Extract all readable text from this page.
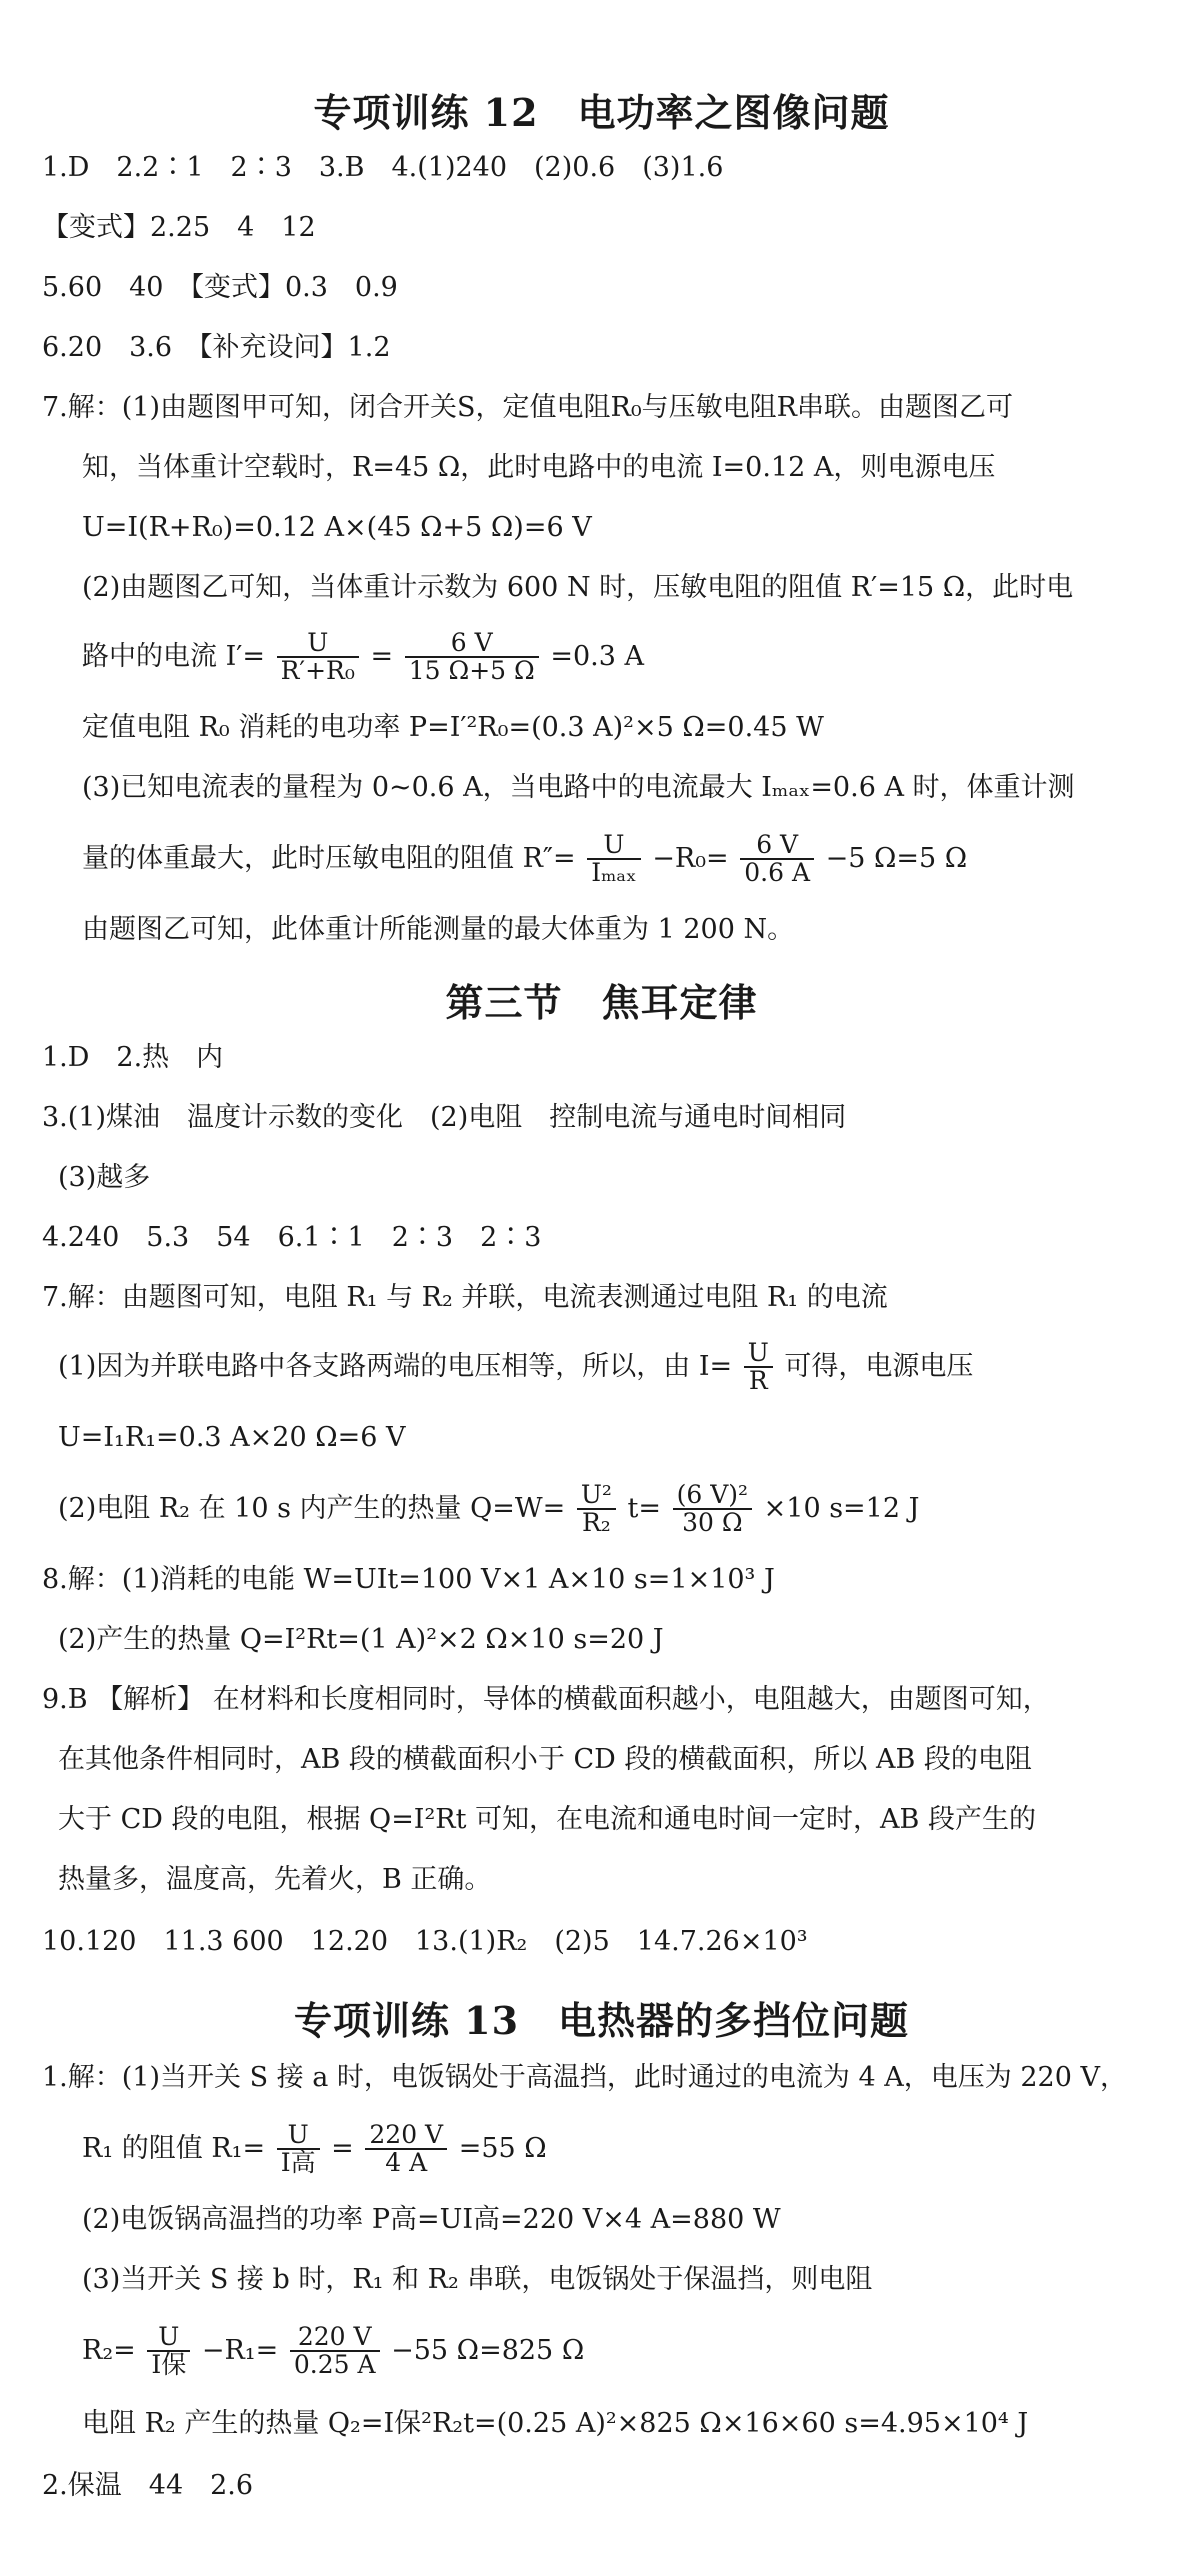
专项训练 12　电功率之图像问题
1.D　2.2∶1　2∶3　3.B　4.(1)240　(2)0.6　(3)1.6
【变式】2.25　4　12
5.60　40　【变式】0.3　0.9
6.20　3.6　【补充设问】1.2
7.解：(1)由题图甲可知，闭合开关S，定值电阻R₀与压敏电阻R串联。由题图乙可
知，当体重计空载时，R=45 Ω，此时电路中的电流 I=0.12 A，则电源电压
U=I(R+R₀)=0.12 A×(45 Ω+5 Ω)=6 V
(2)由题图乙可知，当体重计示数为 600 N 时，压敏电阻的阻值 R′=15 Ω，此时电
路中的电流 $I'= \frac{U}{\text{R′+R₀}} = \frac{6 V}{15 \Omega+5 \Omega} =0.3$ A
定值电阻 R₀ 消耗的电功率 P=I′²R₀=(0.3 A)²×5 Ω=0.45 W
(3)已知电流表的量程为 0~0.6 A，当电路中的电流最大 Iₘₐₓ=0.6 A 时，体重计测
量的体重最大，此时压敏电阻的阻值 $R''= \frac{U}{\text{Iₘₐₓ}} -R_0= \frac{6 V}{0.6 A} -5$ Ω=5 Ω
由题图乙可知，此体重计所能测量的最大体重为 1 200 N。
第三节　焦耳定律
1.D　2.热　内
3.(1)煤油　温度计示数的变化　(2)电阻　控制电流与通电时间相同
(3)越多
4.240　5.3　54　6.1∶1　2∶3　2∶3
7.解：由题图可知，电阻 R₁ 与 R₂ 并联，电流表测通过电阻 R₁ 的电流
(1)因为并联电路中各支路两端的电压相等，所以，由 $I= \frac{U}{R}$ 可得，电源电压
U=I₁R₁=0.3 A×20 Ω=6 V
(2)电阻 R₂ 在 10 s 内产生的热量 $Q=W= \frac{\text{U²}}{\text{R₂}} t= \frac{\text{(6 V)²}}{30 \Omega} \times 10$ s=12 J
8.解：(1)消耗的电能 W=UIt=100 V×1 A×10 s=1×10³ J
(2)产生的热量 Q=I²Rt=(1 A)²×2 Ω×10 s=20 J
9.B 【解析】 在材料和长度相同时，导体的横截面积越小，电阻越大，由题图可知，
在其他条件相同时，AB 段的横截面积小于 CD 段的横截面积，所以 AB 段的电阻
大于 CD 段的电阻，根据 Q=I²Rt 可知，在电流和通电时间一定时，AB 段产生的
热量多，温度高，先着火，B 正确。
10.120　11.3 600　12.20　13.(1)R₂　(2)5　14.7.26×10³
专项训练 13　电热器的多挡位问题
1.解：(1)当开关 S 接 a 时，电饭锅处于高温挡，此时通过的电流为 4 A，电压为 220 V，
R₁ 的阻值 $R_1= \frac{U}{\text{I高}} = \frac{220 V}{4 A} =55$ Ω
(2)电饭锅高温挡的功率 P高=UI高=220 V×4 A=880 W
(3)当开关 S 接 b 时，R₁ 和 R₂ 串联，电饭锅处于保温挡，则电阻
$R_2= \frac{U}{\text{I保}} -R_1= \frac{220 V}{0.25 A} -55$ Ω=825 Ω
电阻 R₂ 产生的热量 Q₂=I保²R₂t=(0.25 A)²×825 Ω×16×60 s=4.95×10⁴ J
2.保温　44　2.6
